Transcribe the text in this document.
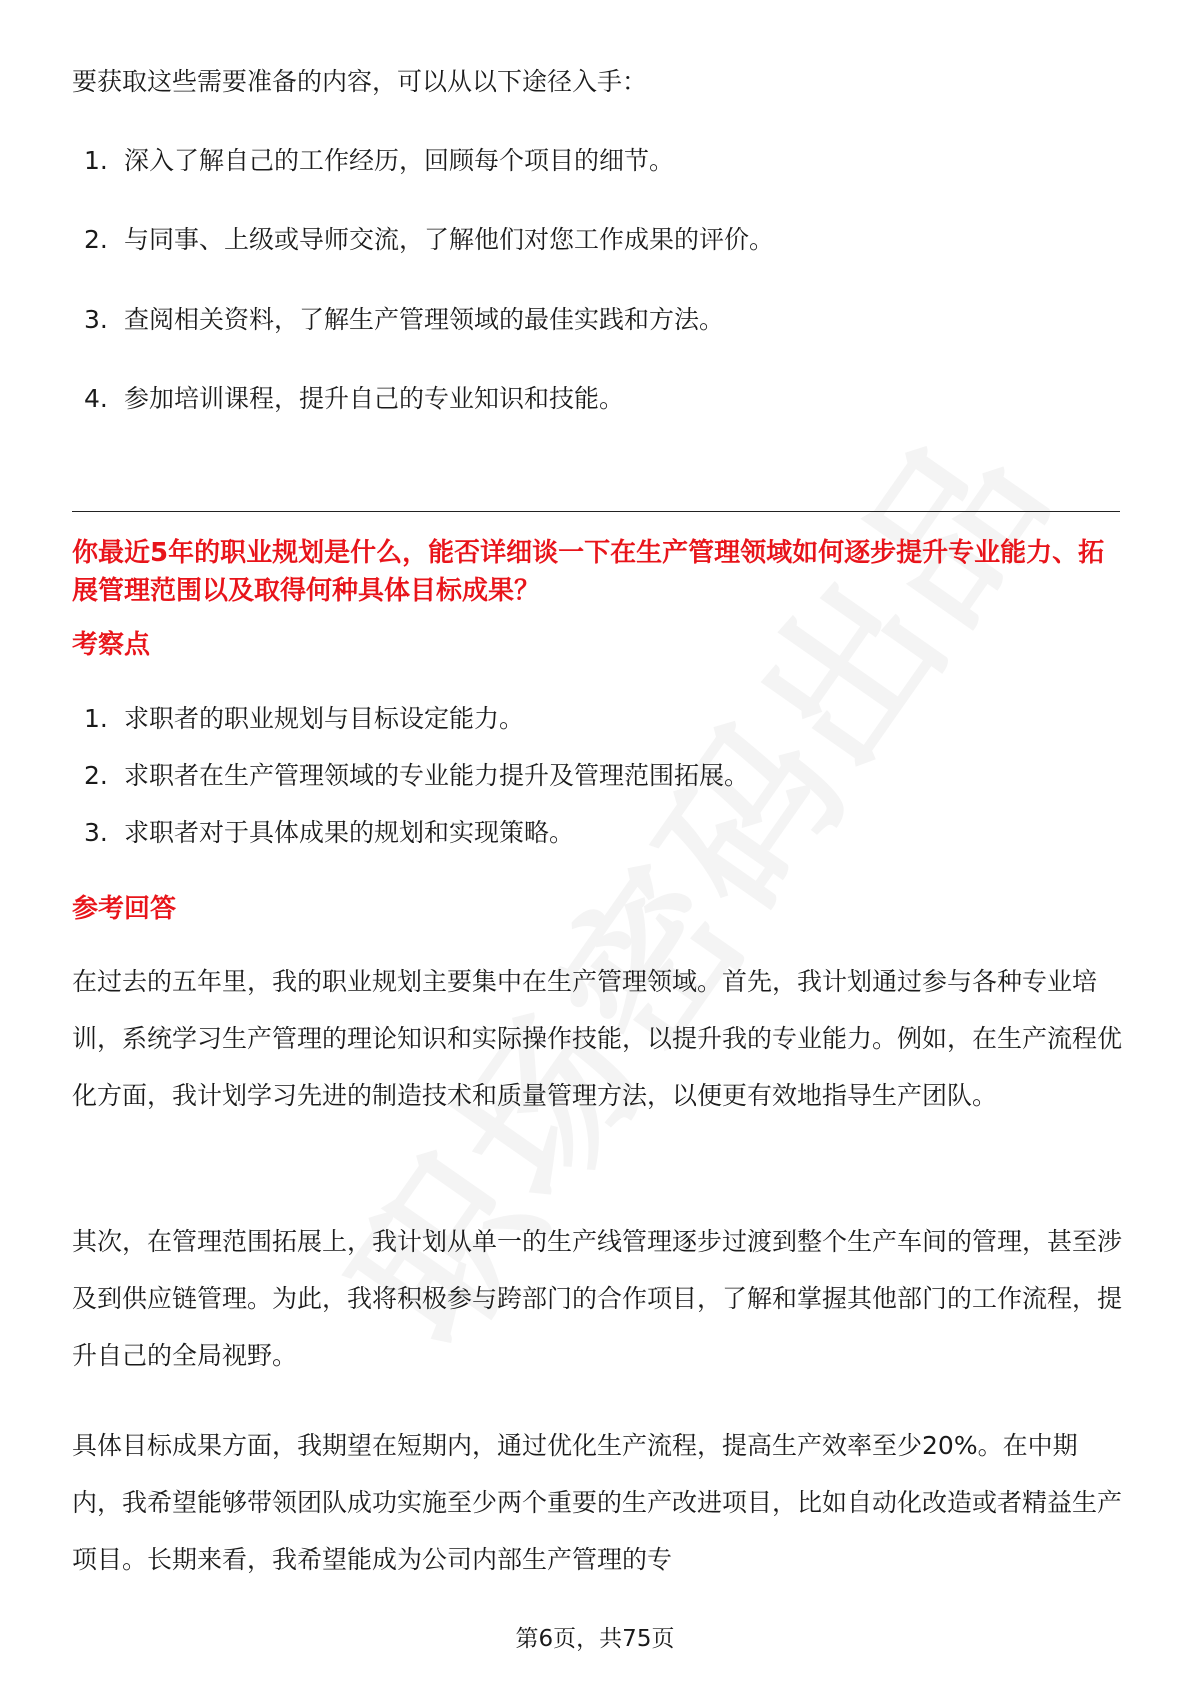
要获取这些需要准备的内容，可以从以下途径入手：
1. 深入了解自己的工作经历，回顾每个项目的细节。
2. 与同事、上级或导师交流，了解他们对您工作成果的评价。
3. 查阅相关资料，了解生产管理领域的最佳实践和方法。
4. 参加培训课程，提升自己的专业知识和技能。
你最近5年的职业规划是什么，能否详细谈一下在生产管理领域如何逐步提升专业能力、拓展管理范围以及取得何种具体目标成果？
考察点
1. 求职者的职业规划与目标设定能力。
2. 求职者在生产管理领域的专业能力提升及管理范围拓展。
3. 求职者对于具体成果的规划和实现策略。
参考回答
在过去的五年里，我的职业规划主要集中在生产管理领域。首先，我计划通过参与各种专业培训，系统学习生产管理的理论知识和实际操作技能，以提升我的专业能力。例如，在生产流程优化方面，我计划学习先进的制造技术和质量管理方法，以便更有效地指导生产团队。
其次，在管理范围拓展上，我计划从单一的生产线管理逐步过渡到整个生产车间的管理，甚至涉及到供应链管理。为此，我将积极参与跨部门的合作项目，了解和掌握其他部门的工作流程，提升自己的全局视野。
具体目标成果方面，我期望在短期内，通过优化生产流程，提高生产效率至少20%。在中期内，我希望能够带领团队成功实施至少两个重要的生产改进项目，比如自动化改造或者精益生产项目。长期来看，我希望能成为公司内部生产管理的专
第6页，共75页
